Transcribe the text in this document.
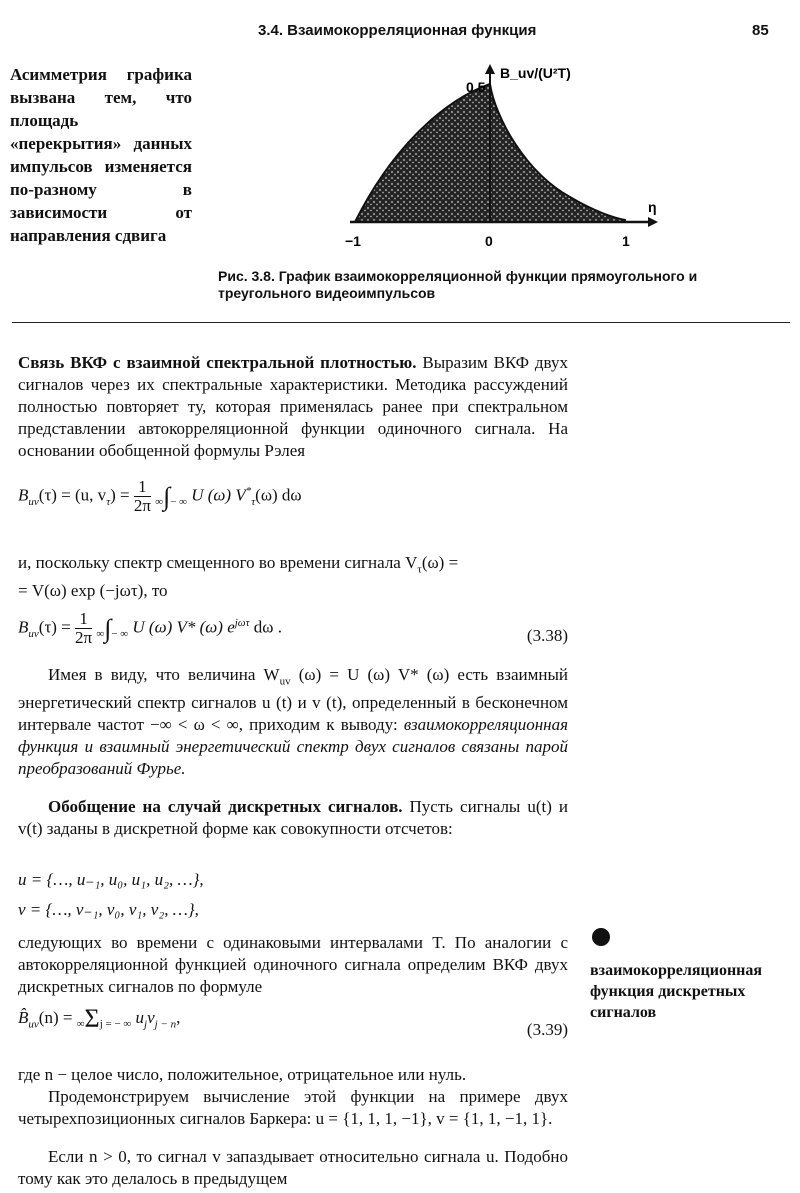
3.4. Взаимокорреляционная функция	85
Асимметрия графика вызвана тем, что площадь «перекрытия» данных импульсов изменяется по-разному в зависимости от направления сдвига
B_uv/(U²T)
0.5
η
−1	0	1
Рис. 3.8. График взаимокорреляционной функции прямоугольного и треугольного видеоимпульсов
Связь ВКФ с взаимной спектральной плотностью. Выразим ВКФ двух сигналов через их спектральные характеристики. Методика рассуждений полностью повторяет ту, которая применялась ранее при спектральном представлении автокорреляционной функции одиночного сигнала. На основании обобщенной формулы Рэлея
$B_{uv}(\tau) = (u$, $v_\tau) = \frac{1}{2\pi}$ ∞∫− ∞ U (ω) $V^*_\tau(\omega)$ dω
и, поскольку спектр смещенного во времени сигнала $V_\tau(\omega)$ =
= V(ω) exp (−jωτ), то
$B_{uv}(\tau) = \frac{1}{2\pi}$ ∞∫− ∞ U (ω) V* (ω) $e^{j\omega\tau}$ dω .	(3.38)
Имея в виду, что величина $W_{uv}$ (ω) = U (ω) V* (ω) есть взаимный энергетический спектр сигналов u (t) и v (t), определенный в бесконечном интервале частот −∞ < ω < ∞, приходим к выводу: взаимокорреляционная функция и взаимный энергетический спектр двух сигналов связаны парой преобразований Фурье.
Обобщение на случай дискретных сигналов. Пусть сигналы u(t) и v(t) заданы в дискретной форме как совокупности отсчетов:
u = {…, u₋₁, u₀, u₁, u₂, …},
v = {…, v₋₁, v₀, v₁, v₂, …},
следующих во времени с одинаковыми интервалами T. По аналогии с автокорреляционной функцией одиночного сигнала определим ВКФ двух дискретных сигналов по формуле
$B̂_{uv}(n) = \infty\Sigma j$ = − ∞ $u_jv_{j - n}$,
(3.39)
где n − целое число, положительное, отрицательное или нуль.
Продемонстрируем вычисление этой функции на примере двух четырехпозиционных сигналов Баркера: u = {1, 1, 1, −1}, v = {1, 1, −1, 1}.
Если n > 0, то сигнал v запаздывает относительно сигнала u. Подобно тому как это делалось в предыдущем
взаимокорреляционная функция дискретных сигналов
